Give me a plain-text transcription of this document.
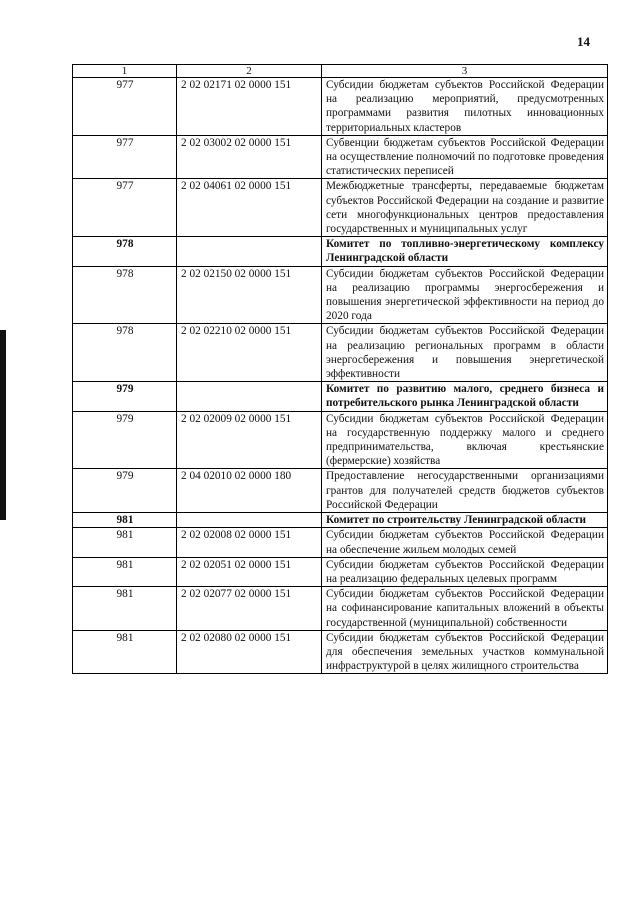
14
1	2	3
977	2 02 02171 02 0000 151	Субсидии бюджетам субъектов Российской Федерации на реализацию мероприятий, предусмотренных программами развития пилотных инновационных территориальных кластеров
977	2 02 03002 02 0000 151	Субвенции бюджетам субъектов Российской Федерации на осуществление полномочий по подготовке проведения статистических переписей
977	2 02 04061 02 0000 151	Межбюджетные трансферты, передаваемые бюджетам субъектов Российской Федерации на создание и развитие сети многофункциональных центров предоставления государственных и муниципальных услуг
978		Комитет по топливно-энергетическому комплексу Ленинградской области
978	2 02 02150 02 0000 151	Субсидии бюджетам субъектов Российской Федерации на реализацию программы энергосбережения и повышения энергетической эффективности на период до 2020 года
978	2 02 02210 02 0000 151	Субсидии бюджетам субъектов Российской Федерации на реализацию региональных программ в области энергосбережения и повышения энергетической эффективности
979		Комитет по развитию малого, среднего бизнеса и потребительского рынка Ленинградской области
979	2 02 02009 02 0000 151	Субсидии бюджетам субъектов Российской Федерации на государственную поддержку малого и среднего предпринимательства, включая крестьянские (фермерские) хозяйства
979	2 04 02010 02 0000 180	Предоставление негосударственными организациями грантов для получателей средств бюджетов субъектов Российской Федерации
981		Комитет по строительству Ленинградской области
981	2 02 02008 02 0000 151	Субсидии бюджетам субъектов Российской Федерации на обеспечение жильем молодых семей
981	2 02 02051 02 0000 151	Субсидии бюджетам субъектов Российской Федерации на реализацию федеральных целевых программ
981	2 02 02077 02 0000 151	Субсидии бюджетам субъектов Российской Федерации на софинансирование капитальных вложений в объекты государственной (муниципальной) собственности
981	2 02 02080 02 0000 151	Субсидии бюджетам субъектов Российской Федерации для обеспечения земельных участков коммунальной инфраструктурой в целях жилищного строительства
